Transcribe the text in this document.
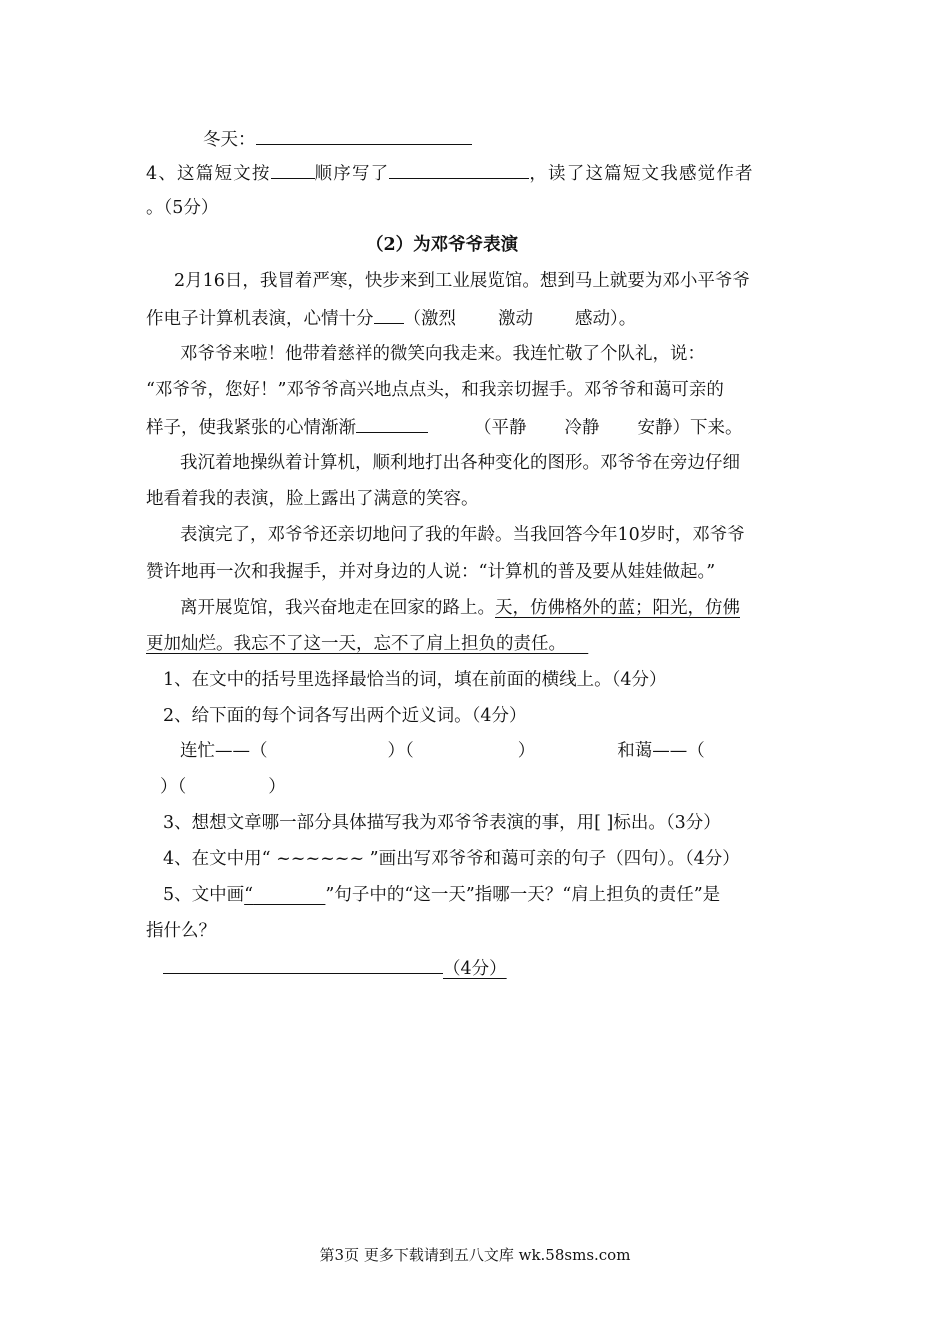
冬天：
4、这篇短文按	顺序写了	，读了这篇短文我感觉作者
。（5分）
（2）为邓爷爷表演
2月16日，我冒着严寒，快步来到工业展览馆。想到马上就要为邓小平爷爷
作电子计算机表演，心情十分 （激烈 激动 感动）。
邓爷爷来啦！他带着慈祥的微笑向我走来。我连忙敬了个队礼，说：
“邓爷爷，您好！”邓爷爷高兴地点点头，和我亲切握手。邓爷爷和蔼可亲的
样子，使我紧张的心情渐渐	（平静 冷静 安静）下来。
我沉着地操纵着计算机，顺利地打出各种变化的图形。邓爷爷在旁边仔细
地看着我的表演，脸上露出了满意的笑容。
表演完了，邓爷爷还亲切地问了我的年龄。当我回答今年10岁时，邓爷爷
赞许地再一次和我握手，并对身边的人说：“计算机的普及要从娃娃做起。”
离开展览馆，我兴奋地走在回家的路上。天，仿佛格外的蓝；阳光，仿佛
更加灿烂。我忘不了这一天，忘不了肩上担负的责任。
1、在文中的括号里选择最恰当的词，填在前面的横线上。（4分）
2、给下面的每个词各写出两个近义词。（4分）
连忙——（	）（	）	和蔼——（
）（	）
3、想想文章哪一部分具体描写我为邓爷爷表演的事，用[ ]标出。（3分）
4、在文中用“ ~~~~~~ ”画出写邓爷爷和蔼可亲的句子（四句）。（4分）
5、文中画“	”句子中的“这一天”指哪一天？“肩上担负的责任”是
指什么？
（4分）
第3页 更多下载请到五八文库 wk.58sms.com
